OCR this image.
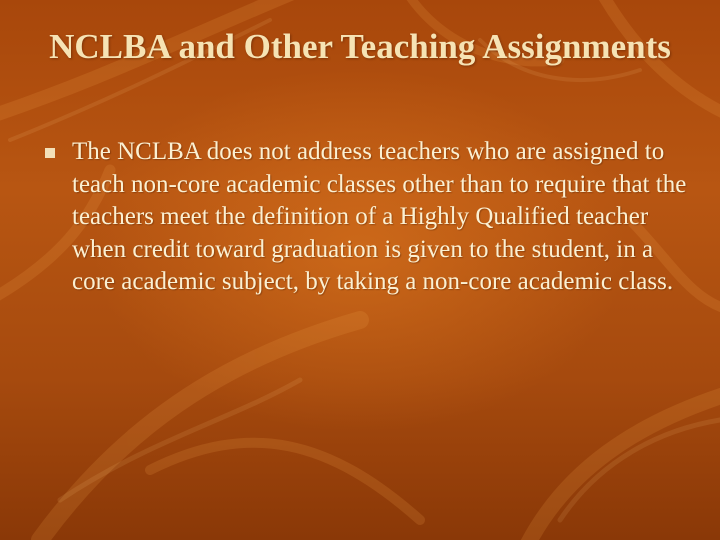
NCLBA and Other Teaching Assignments
The NCLBA does not address teachers who are assigned to teach non-core academic classes other than to require that the teachers meet the definition of a Highly Qualified teacher when credit toward graduation is given to the student, in a core academic subject, by taking a non-core academic class.
